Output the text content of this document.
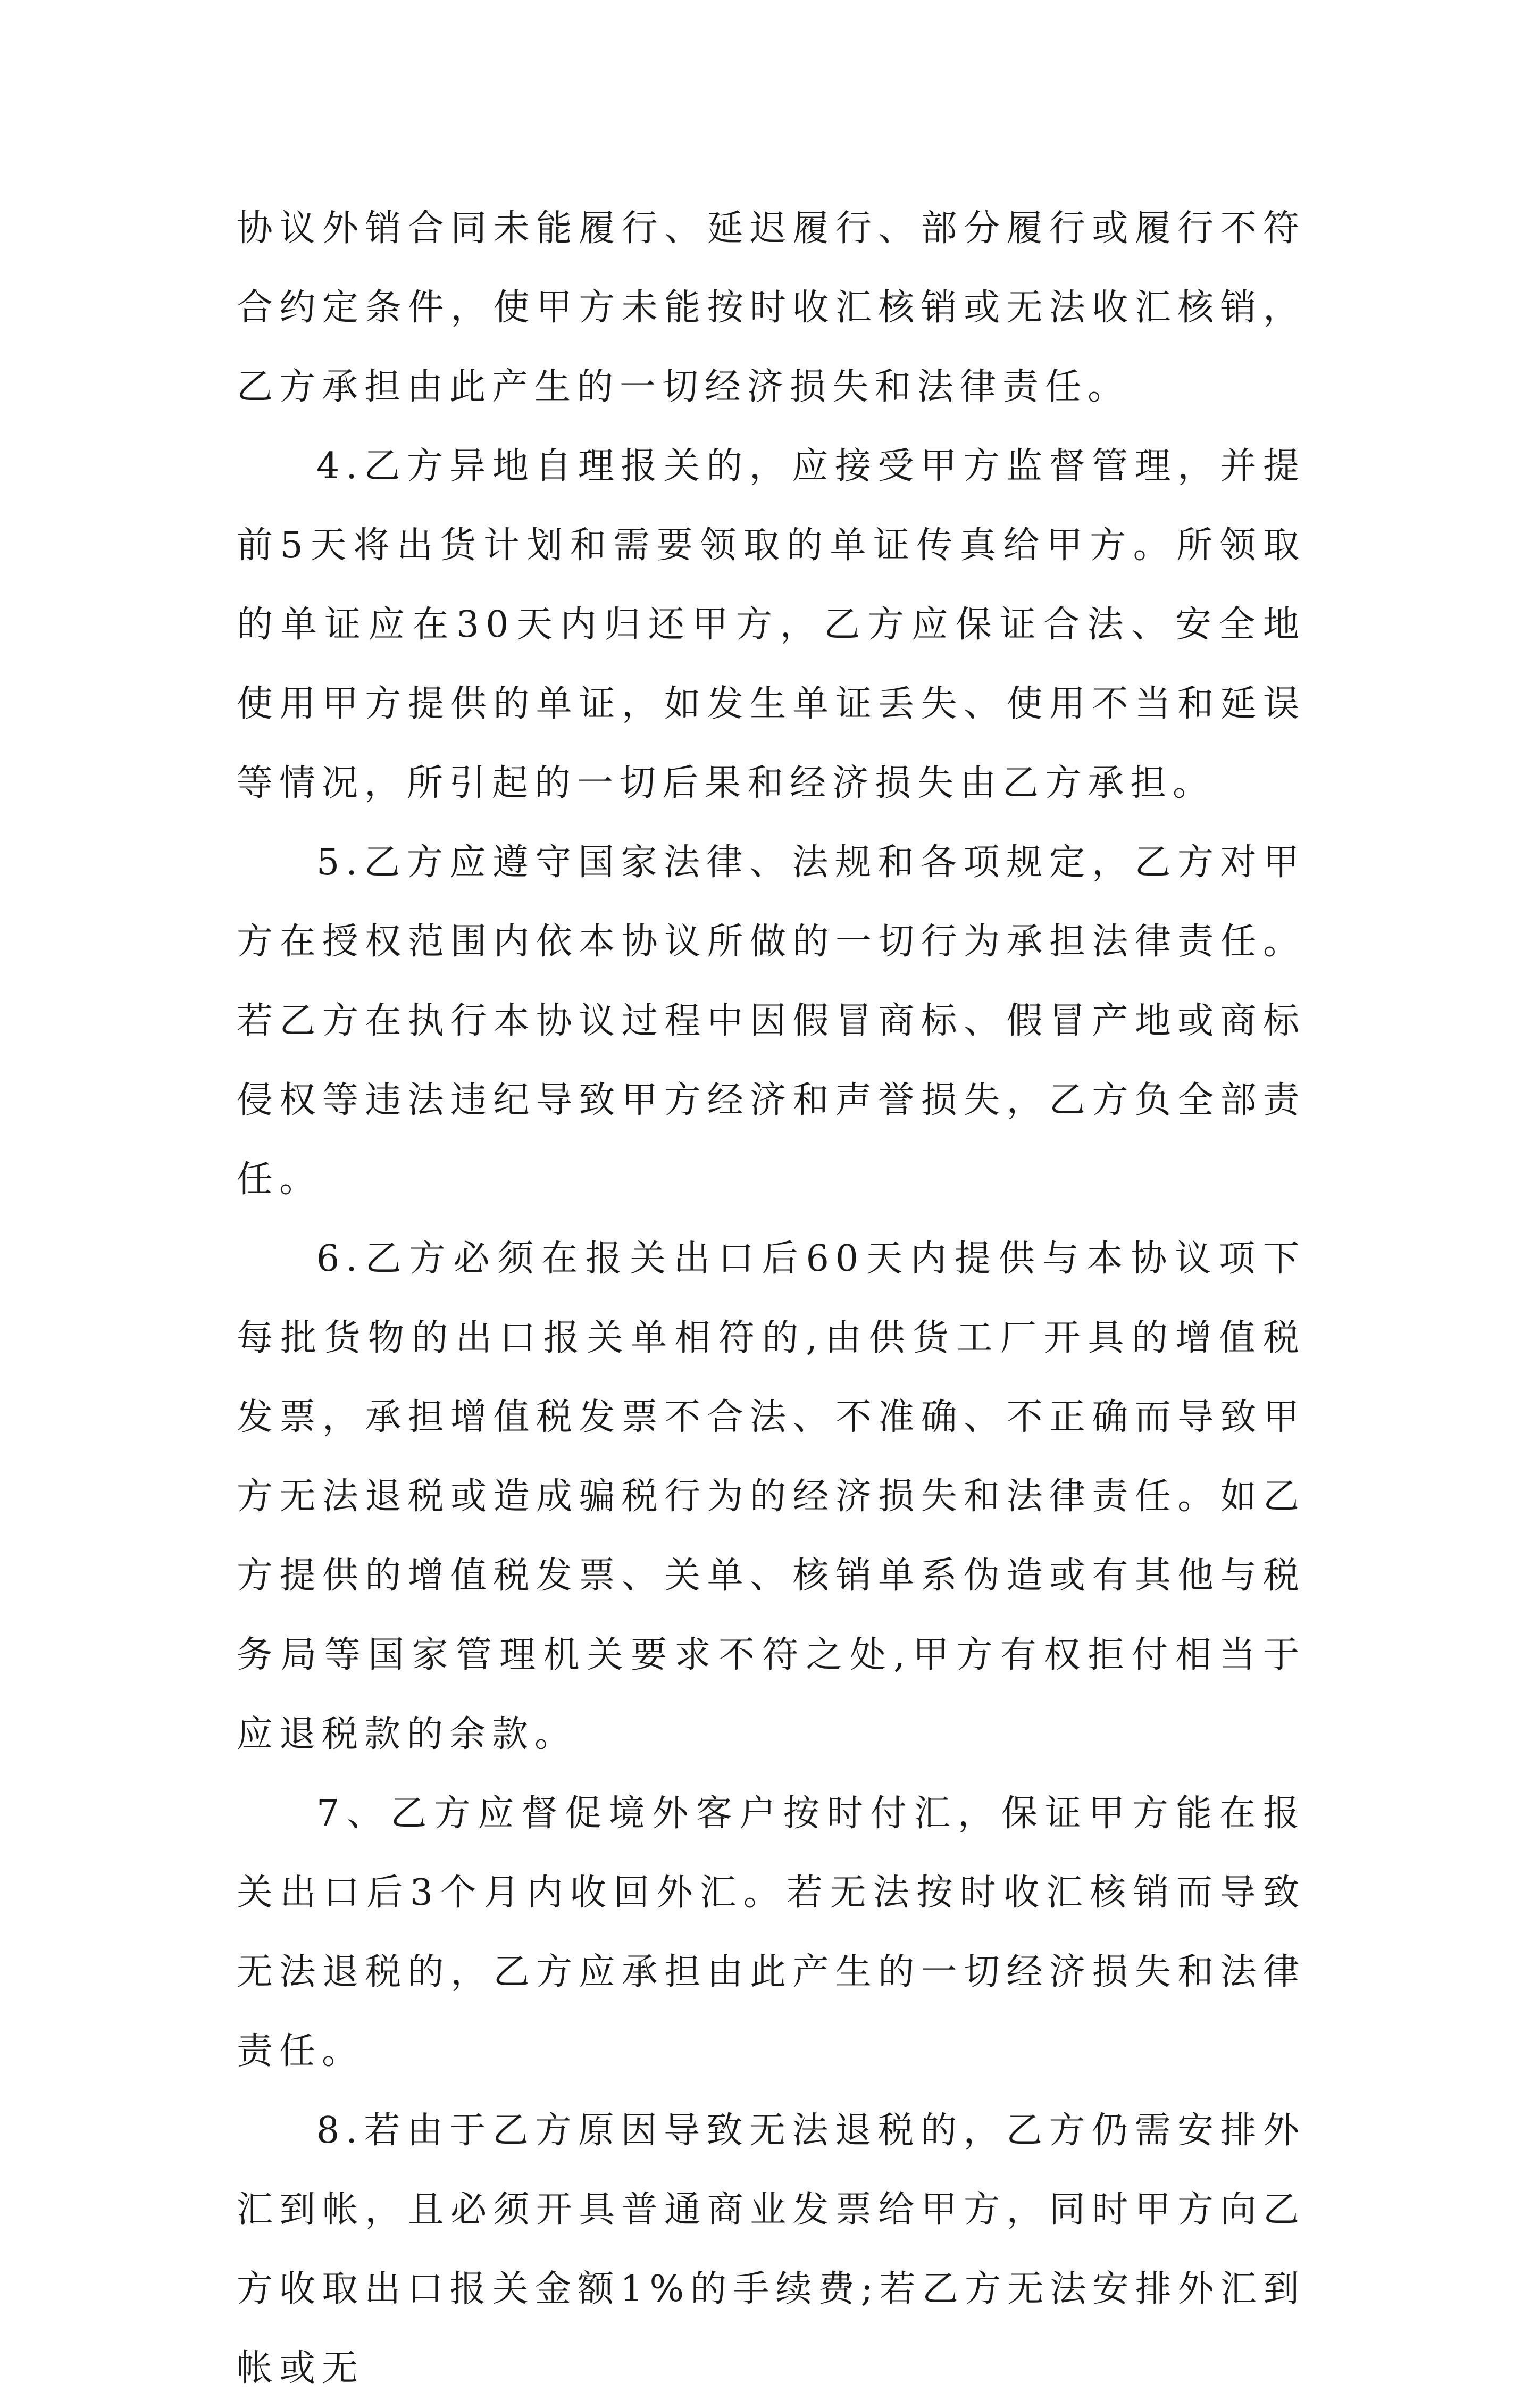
协议外销合同未能履行、延迟履行、部分履行或履行不符合约定条件，使甲方未能按时收汇核销或无法收汇核销，乙方承担由此产生的一切经济损失和法律责任。

4.乙方异地自理报关的，应接受甲方监督管理，并提前5天将出货计划和需要领取的单证传真给甲方。所领取的单证应在30天内归还甲方，乙方应保证合法、安全地使用甲方提供的单证，如发生单证丢失、使用不当和延误等情况，所引起的一切后果和经济损失由乙方承担。

5.乙方应遵守国家法律、法规和各项规定，乙方对甲方在授权范围内依本协议所做的一切行为承担法律责任。若乙方在执行本协议过程中因假冒商标、假冒产地或商标侵权等违法违纪导致甲方经济和声誉损失，乙方负全部责任。

6.乙方必须在报关出口后60天内提供与本协议项下每批货物的出口报关单相符的,由供货工厂开具的增值税发票，承担增值税发票不合法、不准确、不正确而导致甲方无法退税或造成骗税行为的经济损失和法律责任。如乙方提供的增值税发票、关单、核销单系伪造或有其他与税务局等国家管理机关要求不符之处,甲方有权拒付相当于应退税款的余款。

7、乙方应督促境外客户按时付汇，保证甲方能在报关出口后3个月内收回外汇。若无法按时收汇核销而导致无法退税的，乙方应承担由此产生的一切经济损失和法律责任。

8.若由于乙方原因导致无法退税的，乙方仍需安排外汇到帐，且必须开具普通商业发票给甲方，同时甲方向乙方收取出口报关金额1%的手续费;若乙方无法安排外汇到帐或无
